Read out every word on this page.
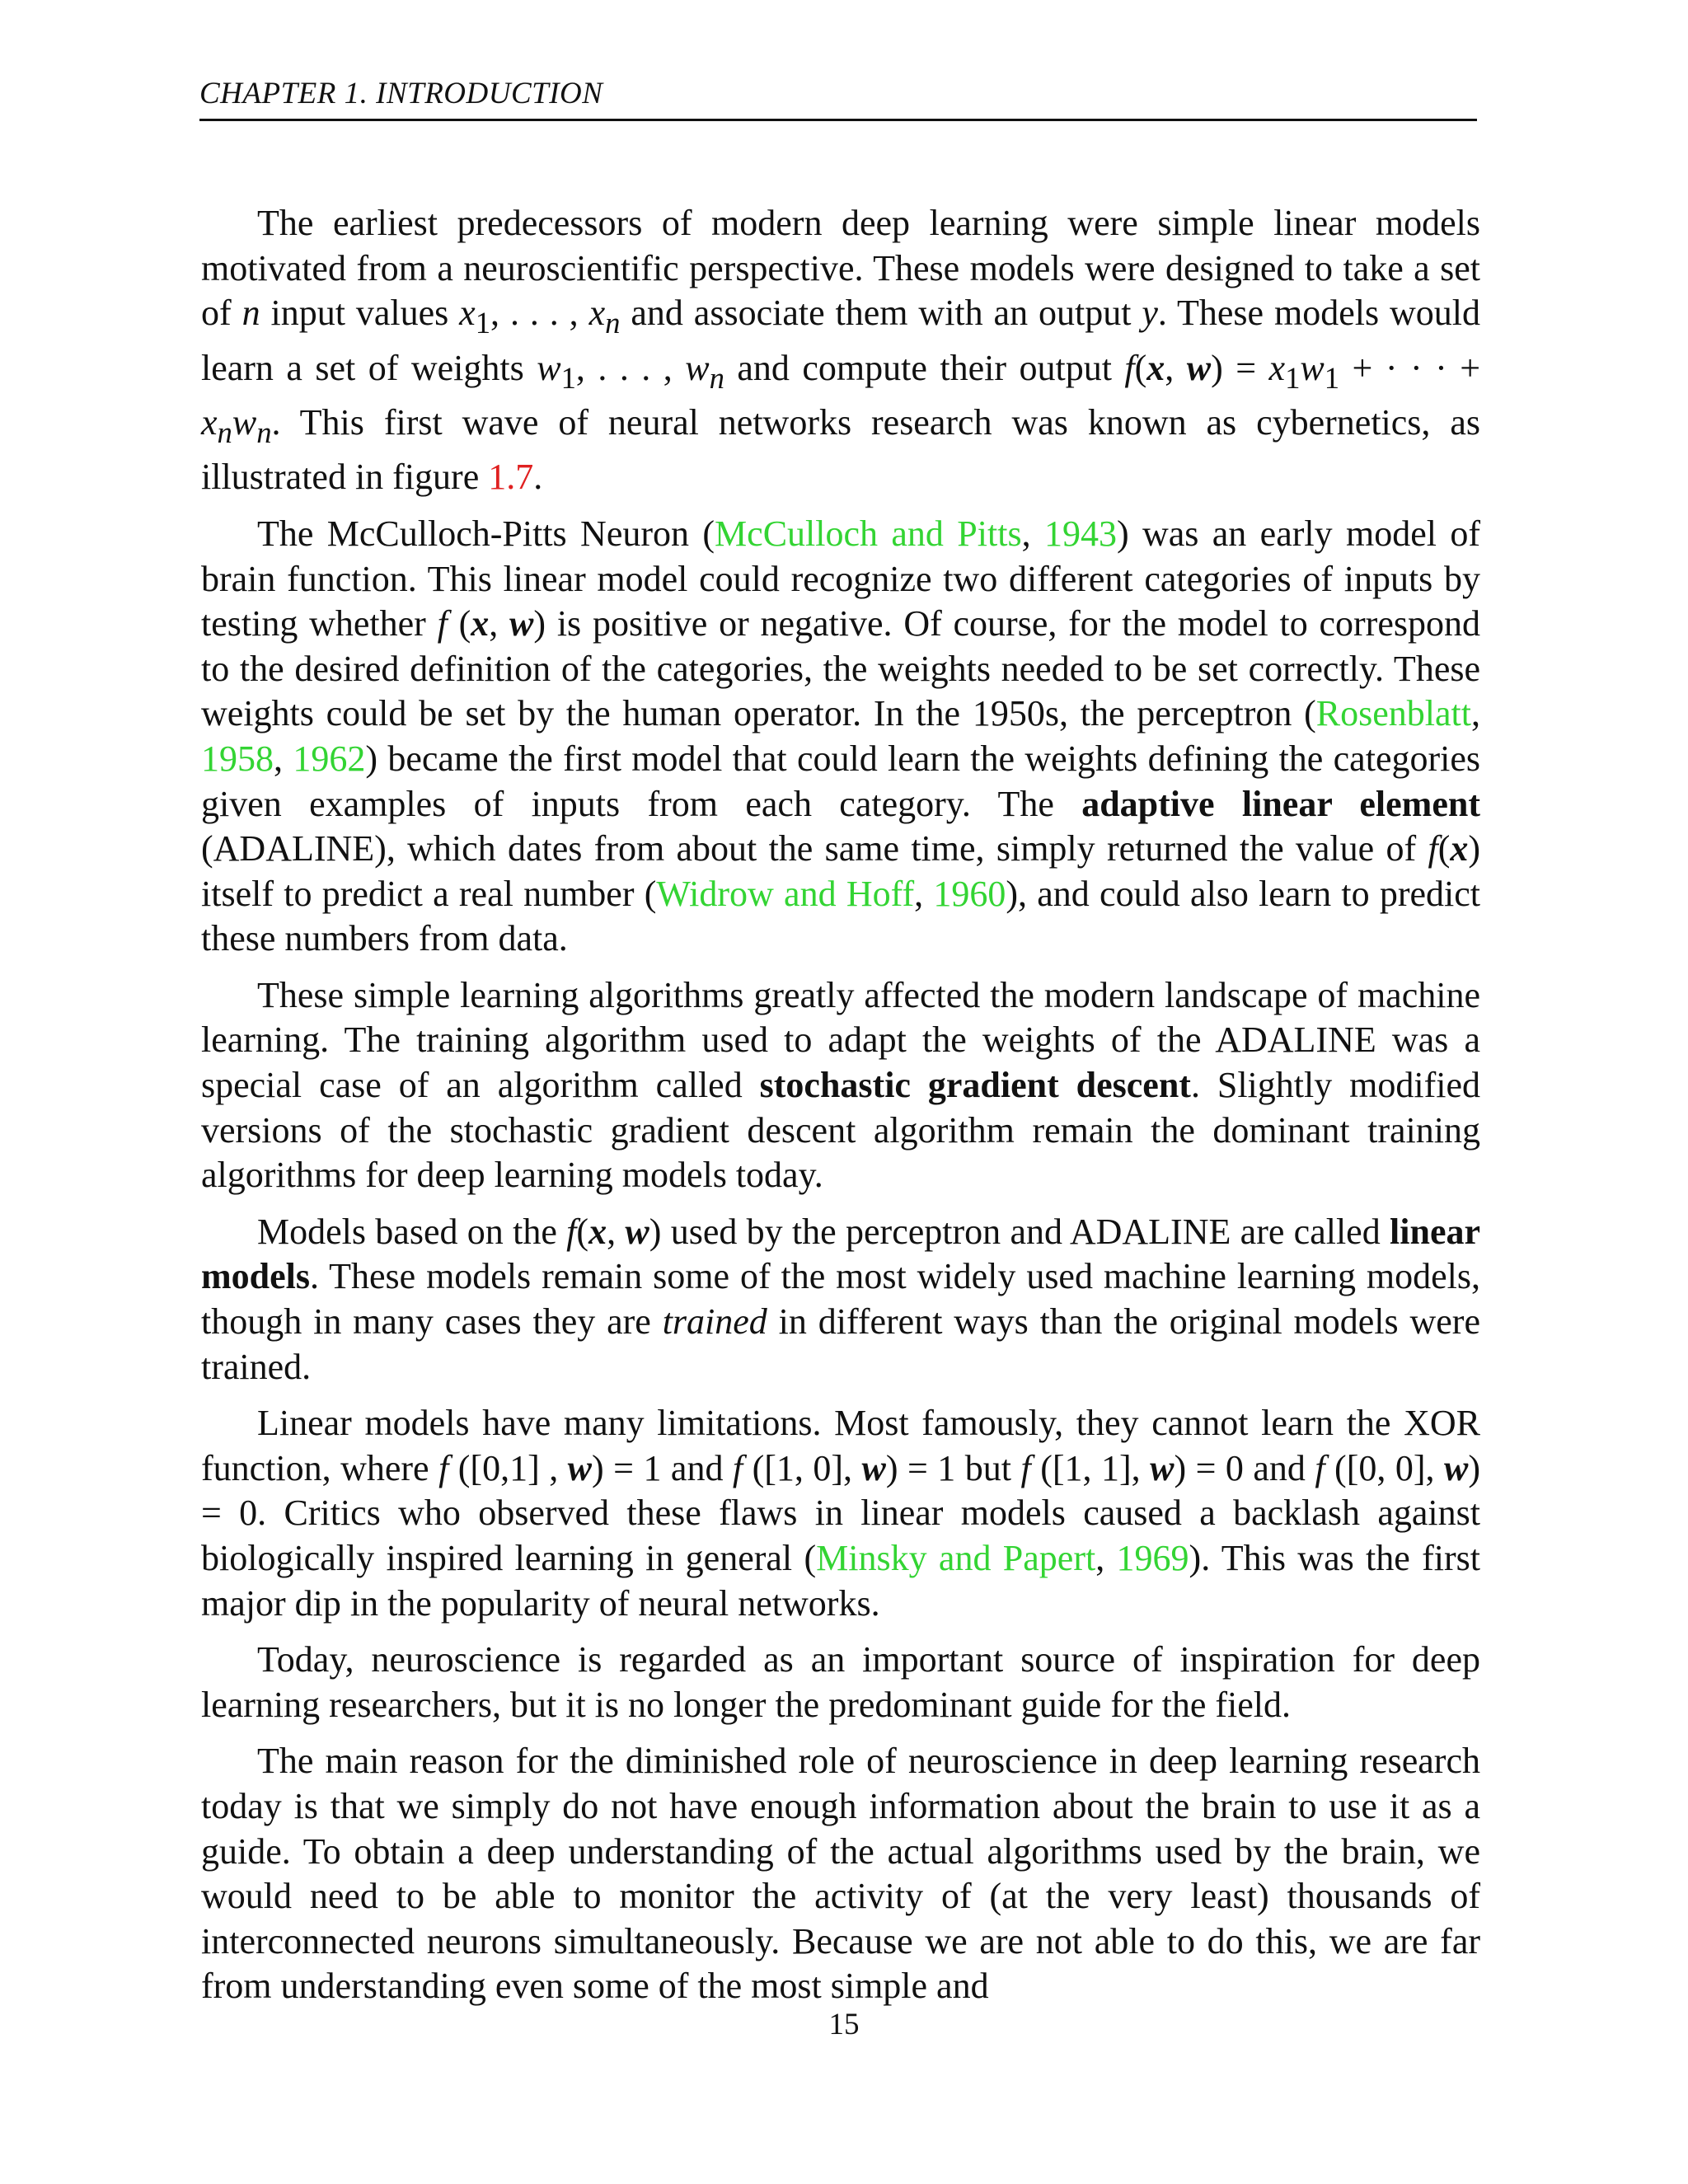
CHAPTER 1. INTRODUCTION

The earliest predecessors of modern deep learning were simple linear models motivated from a neuroscientific perspective. These models were designed to take a set of n input values $x_1$, . . . , $x_n$ and associate them with an output y. These models would learn a set of weights $w_1$, . . . , $w_n$ and compute their output f(x, $w) = x_1w_1$ + · · · + $x_nw_n$. This first wave of neural networks research was known as cybernetics, as illustrated in figure 1.7.

The McCulloch-Pitts Neuron (McCulloch and Pitts, 1943) was an early model of brain function. This linear model could recognize two different categories of inputs by testing whether f (x, w) is positive or negative. Of course, for the model to correspond to the desired definition of the categories, the weights needed to be set correctly. These weights could be set by the human operator. In the 1950s, the perceptron (Rosenblatt, 1958, 1962) became the first model that could learn the weights defining the categories given examples of inputs from each category. The adaptive linear element (ADALINE), which dates from about the same time, simply returned the value of f(x) itself to predict a real number (Widrow and Hoff, 1960), and could also learn to predict these numbers from data.

These simple learning algorithms greatly affected the modern landscape of machine learning. The training algorithm used to adapt the weights of the ADALINE was a special case of an algorithm called stochastic gradient descent. Slightly modified versions of the stochastic gradient descent algorithm remain the dominant training algorithms for deep learning models today.

Models based on the f(x, w) used by the perceptron and ADALINE are called linear models. These models remain some of the most widely used machine learning models, though in many cases they are trained in different ways than the original models were trained.

Linear models have many limitations. Most famously, they cannot learn the XOR function, where f ([0,1] , w) = 1 and f ([1, 0], w) = 1 but f ([1, 1], w) = 0 and f ([0, 0], w) = 0. Critics who observed these flaws in linear models caused a backlash against biologically inspired learning in general (Minsky and Papert, 1969). This was the first major dip in the popularity of neural networks.

Today, neuroscience is regarded as an important source of inspiration for deep learning researchers, but it is no longer the predominant guide for the field.

The main reason for the diminished role of neuroscience in deep learning research today is that we simply do not have enough information about the brain to use it as a guide. To obtain a deep understanding of the actual algorithms used by the brain, we would need to be able to monitor the activity of (at the very least) thousands of interconnected neurons simultaneously. Because we are not able to do this, we are far from understanding even some of the most simple and

15
